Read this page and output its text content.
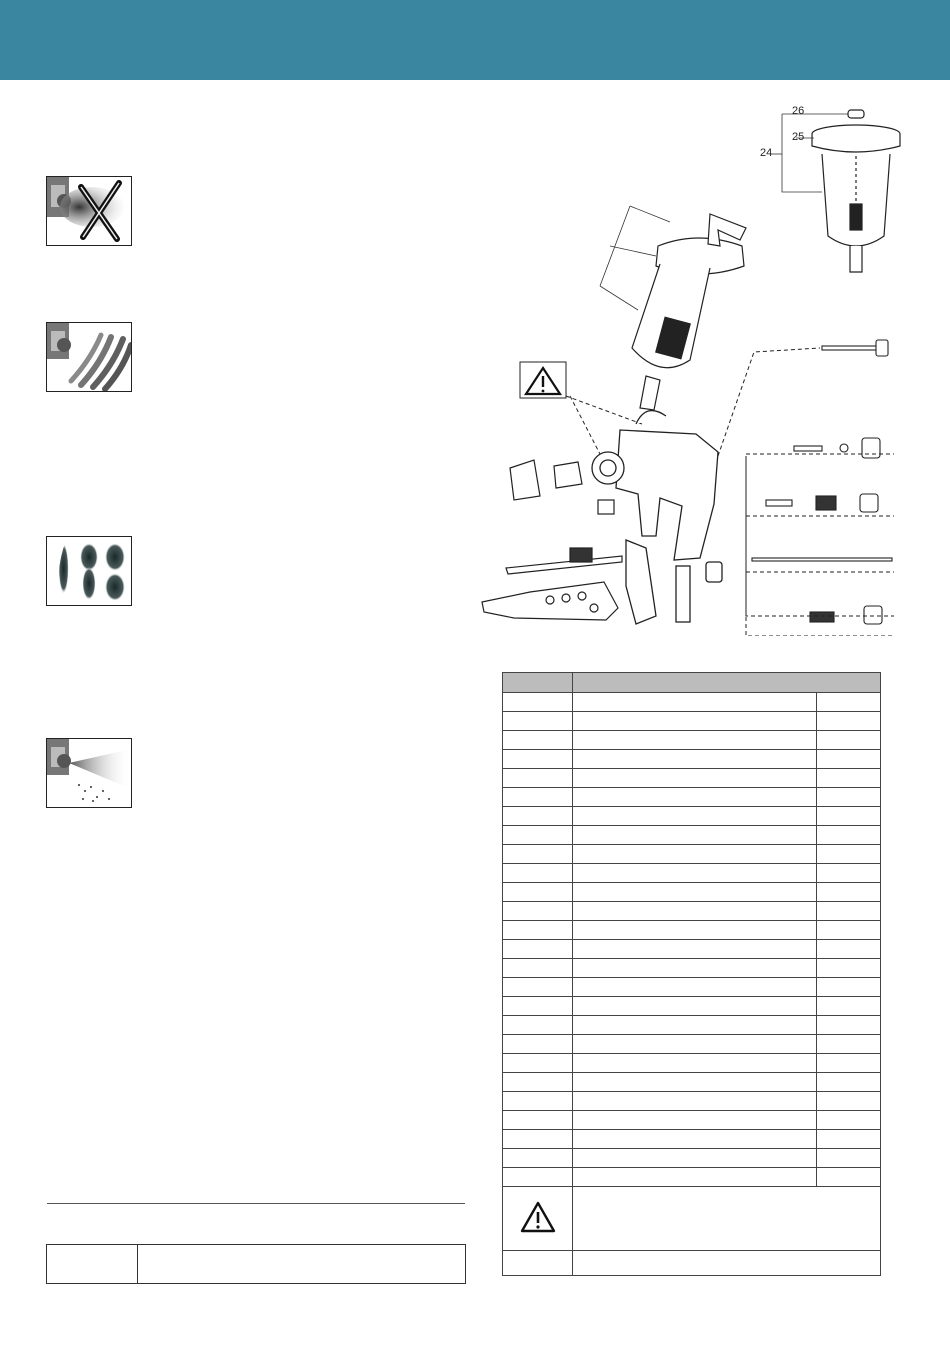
26
25
24
